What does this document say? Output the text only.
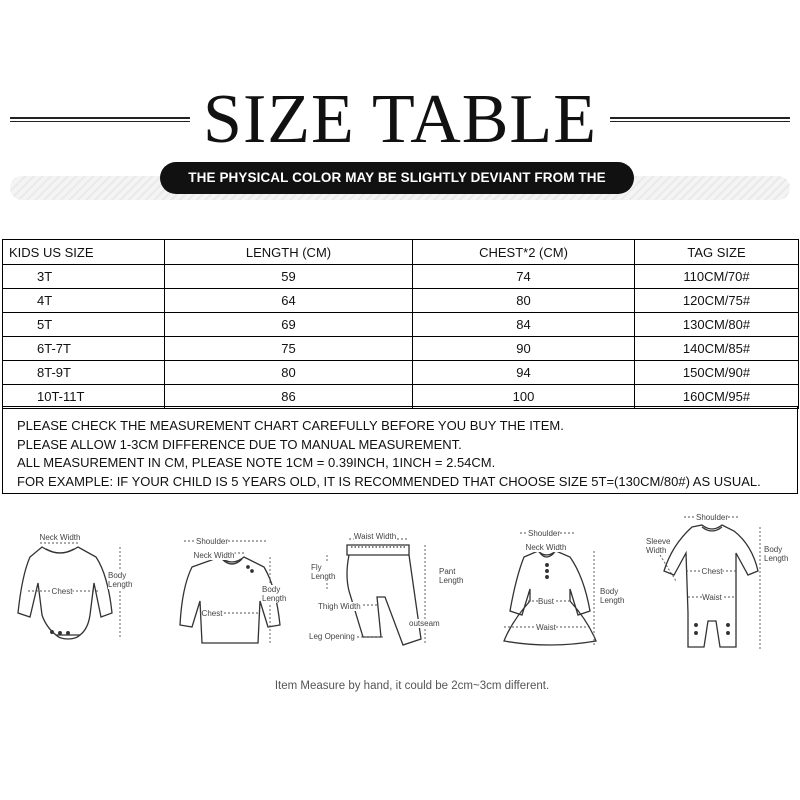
SIZE TABLE
THE PHYSICAL COLOR MAY BE SLIGHTLY DEVIANT FROM THE PICTURE
KIDS US SIZE	LENGTH (CM)	CHEST*2 (CM)	TAG SIZE
3T	59	74	110CM/70#
4T	64	80	120CM/75#
5T	69	84	130CM/80#
6T-7T	75	90	140CM/85#
8T-9T	80	94	150CM/90#
10T-11T	86	100	160CM/95#
PLEASE CHECK THE MEASUREMENT CHART CAREFULLY BEFORE YOU BUY THE ITEM.
PLEASE ALLOW 1-3CM DIFFERENCE DUE TO MANUAL MEASUREMENT.
ALL MEASUREMENT IN CM, PLEASE NOTE 1CM = 0.39INCH, 1INCH = 2.54CM.
FOR EXAMPLE: IF YOUR CHILD IS 5 YEARS OLD, IT IS RECOMMENDED THAT CHOOSE SIZE 5T=(130CM/80#) AS USUAL.
Neck Width
Chest
Body
Length
Shoulder
Neck Width
Chest
Body
Length
Waist Width
Fly
Length
Pant
Length
Thigh Width
outseam
Leg Opening
Shoulder
Neck Width
Bust
Waist
Body
Length
Shoulder
Sleeve
Width
Chest
Waist
Body
Length
Item Measure by hand, it could be 2cm~3cm different.
